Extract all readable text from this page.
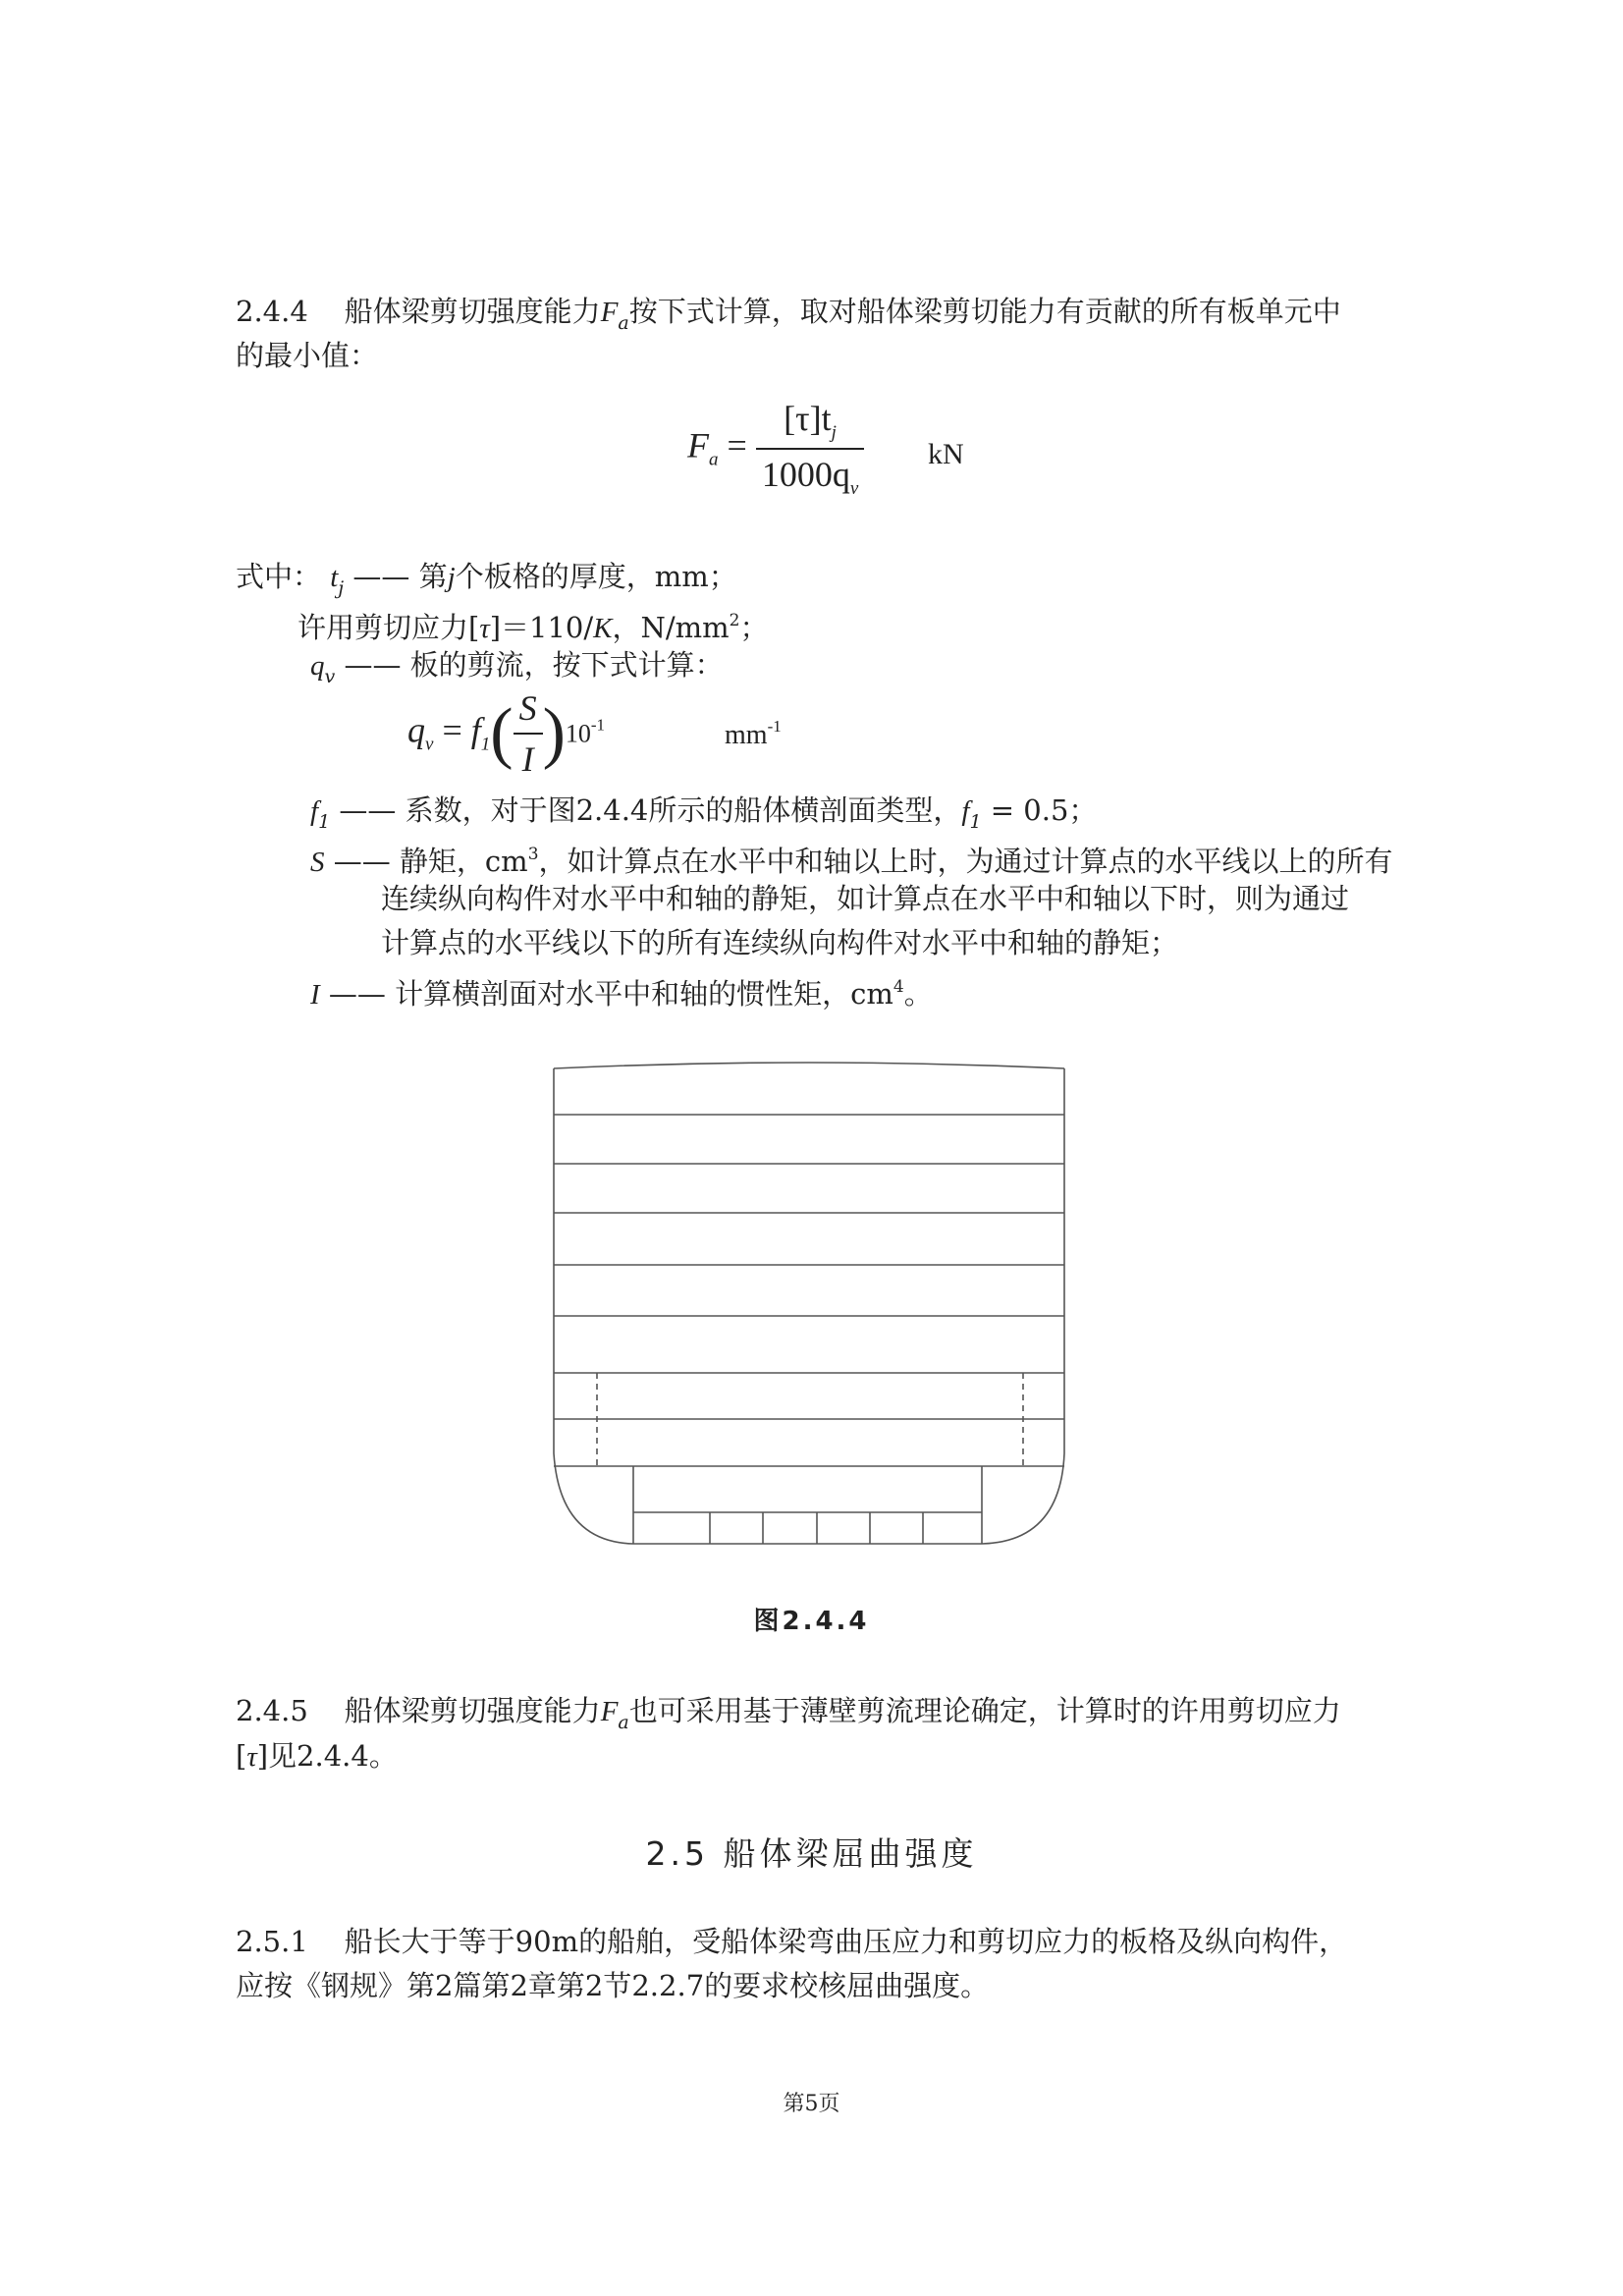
2.4.4 船体梁剪切强度能力$F_a$按下式计算，取对船体梁剪切能力有贡献的所有板单元中
的最小值：
$F_a = \frac{[\tau]t_j}{1000q_v}$ kN
式中： $t_j$ —— 第j个板格的厚度，mm；
许用剪切应力[τ]＝110/K，$N/mm^2$；
$q_v$ —— 板的剪流，按下式计算：
$q_v = f_1( \frac{S}{I} )10^{-1}$	$mm^{-1}$
$f_1$ —— 系数，对于图2.4.4所示的船体横剖面类型，$f_1 = 0.5$；
S —— 静矩，$cm^3$，如计算点在水平中和轴以上时，为通过计算点的水平线以上的所有
连续纵向构件对水平中和轴的静矩，如计算点在水平中和轴以下时，则为通过
计算点的水平线以下的所有连续纵向构件对水平中和轴的静矩；
I —— 计算横剖面对水平中和轴的惯性矩，$cm^4$。
图2.4.4
2.4.5 船体梁剪切强度能力$F_a$也可采用基于薄壁剪流理论确定，计算时的许用剪切应力
[τ]见2.4.4。
2.5 船体梁屈曲强度
2.5.1 船长大于等于90m的船舶，受船体梁弯曲压应力和剪切应力的板格及纵向构件，
应按《钢规》第2篇第2章第2节2.2.7的要求校核屈曲强度。
第5页
